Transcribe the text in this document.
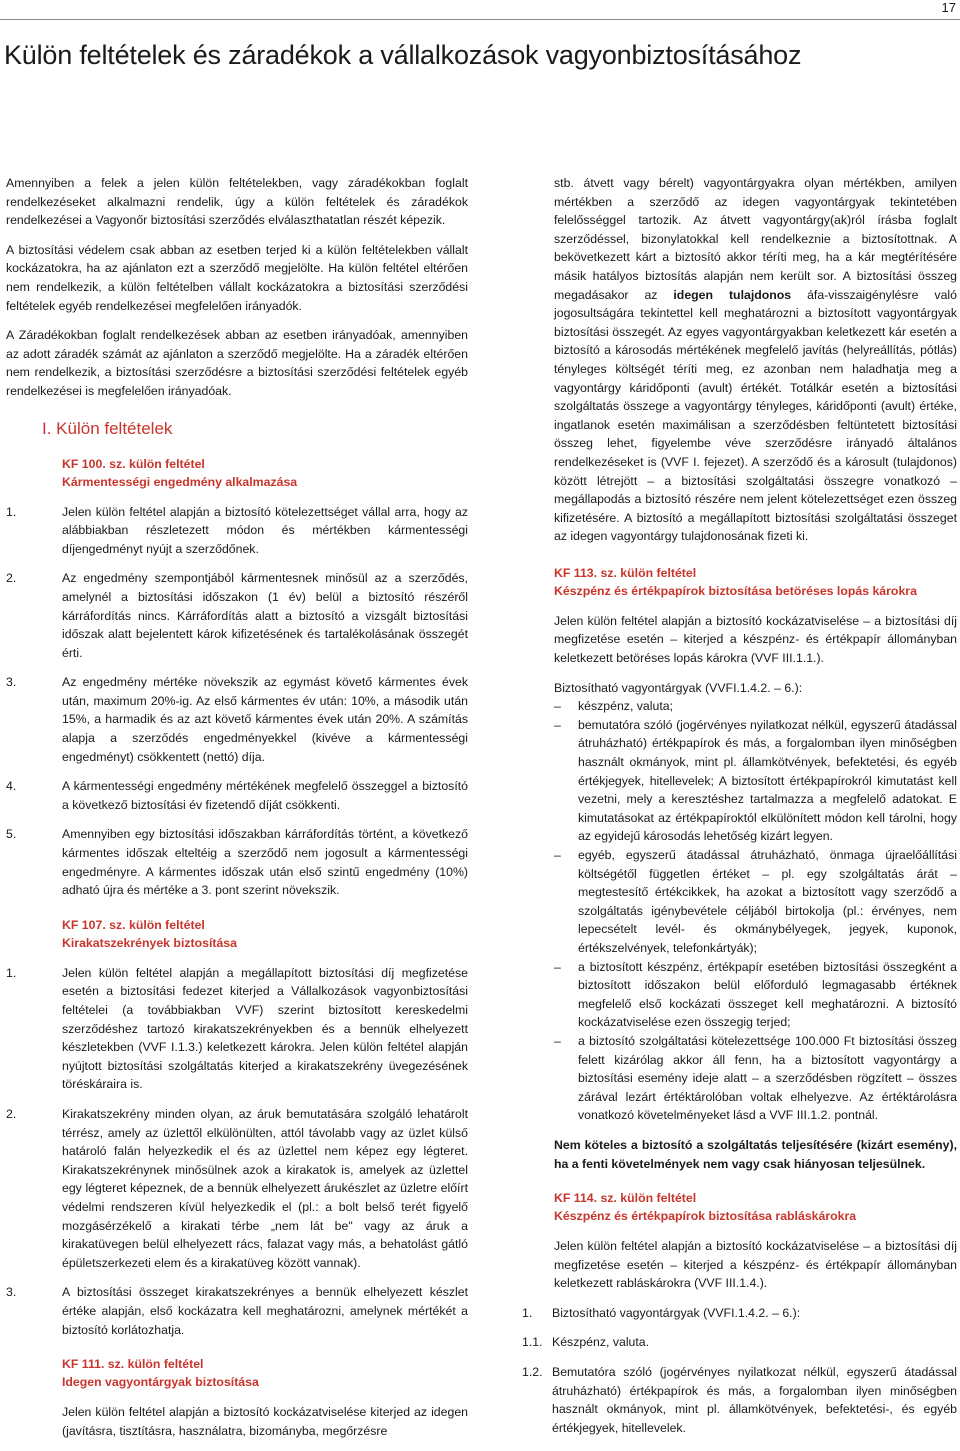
17
Külön feltételek és záradékok a vállalkozások vagyonbiztosításához

Amennyiben a felek a jelen külön feltételekben, vagy záradékokban foglalt rendelkezéseket alkalmazni rendelik, úgy a külön feltételek és záradékok rendelkezései a Vagyonőr biztosítási szerződés elválaszthatatlan részét képezik.

A biztosítási védelem csak abban az esetben terjed ki a külön feltételekben vállalt kockázatokra, ha az ajánlaton ezt a szerződő megjelölte. Ha külön feltétel eltérően nem rendelkezik, a külön feltételben vállalt kockázatokra a biztosítási szerződési feltételek egyéb rendelkezései megfelelően irányadók.

A Záradékokban foglalt rendelkezések abban az esetben irányadóak, amennyiben az adott záradék számát az ajánlaton a szerződő megjelölte. Ha a záradék eltérően nem rendelkezik, a biztosítási szerződésre a biztosítási szerződési feltételek egyéb rendelkezései is megfelelően irányadóak.

I. Külön feltételek
KF 100. sz. külön feltétel
Kármentességi engedmény alkalmazása
1.	Jelen külön feltétel alapján a biztosító kötelezettséget vállal arra, hogy az alábbiakban részletezett módon és mértékben kármentességi díjengedményt nyújt a szerződőnek.
2.	Az engedmény szempontjából kármentesnek minősül az a szerződés, amelynél a biztosítási időszakon (1 év) belül a biztosító részéről kárráfordítás nincs. Kárráfordítás alatt a biztosító a vizsgált biztosítási időszak alatt bejelentett károk kifizetésének és tartalékolásának összegét érti.
3.	Az engedmény mértéke növekszik az egymást követő kármentes évek után, maximum 20%-ig. Az első kármentes év után: 10%, a második után 15%, a harmadik és az azt követő kármentes évek után 20%. A számítás alapja a szerződés engedményekkel (kivéve a kármentességi engedményt) csökkentett (nettó) díja.
4.	A kármentességi engedmény mértékének megfelelő összeggel a biztosító a következő biztosítási év fizetendő díját csökkenti.
5.	Amennyiben egy biztosítási időszakban kárráfordítás történt, a következő kármentes időszak elteltéig a szerződő nem jogosult a kármentességi engedményre. A kármentes időszak után első szintű engedmény (10%) adható újra és mértéke a 3. pont szerint növekszik.
KF 107. sz. külön feltétel
Kirakatszekrények biztosítása
1.	Jelen külön feltétel alapján a megállapított biztosítási díj megfizetése esetén a biztosítási fedezet kiterjed a Vállalkozások vagyonbiztosítási feltételei (a továbbiakban VVF) szerint biztosított kereskedelmi szerződéshez tartozó kirakatszekrényekben és a bennük elhelyezett készletekben (VVF I.1.3.) keletkezett károkra. Jelen külön feltétel alapján nyújtott biztosítási szolgáltatás kiterjed a kirakatszekrény üvegezésének töréskáraira is.
2.	Kirakatszekrény minden olyan, az áruk bemutatására szolgáló lehatárolt térrész, amely az üzlettől elkülönülten, attól távolabb vagy az üzlet külső határoló falán helyezkedik el és az üzlettel nem képez egy légteret. Kirakatszekrénynek minősülnek azok a kirakatok is, amelyek az üzlettel egy légteret képeznek, de a bennük elhelyezett árukészlet az üzletre előírt védelmi rendszeren kívül helyezkedik el (pl.: a bolt belső terét figyelő mozgásérzékelő a kirakati térbe „nem lát be" vagy az áruk a kirakatüvegen belül elhelyezett rács, falazat vagy más, a behatolást gátló épületszerkezeti elem és a kirakatüveg között vannak).
3.	A biztosítási összeget kirakatszekrényes a bennük elhelyezett készlet értéke alapján, első kockázatra kell meghatározni, amelynek mértékét a biztosító korlátozhatja.
KF 111. sz. külön feltétel
Idegen vagyontárgyak biztosítása

Jelen külön feltétel alapján a biztosító kockázatviselése kiterjed az idegen (javításra, tisztításra, használatra, bizományba, megőrzésre

stb. átvett vagy bérelt) vagyontárgyakra olyan mértékben, amilyen mértékben a szerződő az idegen vagyontárgyak tekintetében felelősséggel tartozik. Az átvett vagyontárgy(ak)ról írásba foglalt szerződéssel, bizonylatokkal kell rendelkeznie a biztosítottnak. A bekövetkezett kárt a biztosító akkor téríti meg, ha a kár megtérítésére másik hatályos biztosítás alapján nem került sor. A biztosítási összeg megadásakor az idegen tulajdonos áfa-visszaigénylésre való jogosultságára tekintettel kell meghatározni a biztosított vagyontárgyak biztosítási összegét. Az egyes vagyontárgyakban keletkezett kár esetén a biztosító a károsodás mértékének megfelelő javítás (helyreállítás, pótlás) tényleges költségét téríti meg, ez azonban nem haladhatja meg a vagyontárgy káridőponti (avult) értékét. Totálkár esetén a biztosítási szolgáltatás összege a vagyontárgy tényleges, káridőponti (avult) értéke, ingatlanok esetén maximálisan a szerződésben feltüntetett biztosítási összeg lehet, figyelembe véve szerződésre irányadó általános rendelkezéseket is (VVF I. fejezet). A szerződő és a károsult (tulajdonos) között létrejött – a biztosítási szolgáltatási összegre vonatkozó – megállapodás a biztosító részére nem jelent kötelezettséget ezen összeg kifizetésére. A biztosító a megállapított biztosítási szolgáltatási összeget az idegen vagyontárgy tulajdonosának fizeti ki.

KF 113. sz. külön feltétel
Készpénz és értékpapírok biztosítása betöréses lopás károkra

Jelen külön feltétel alapján a biztosító kockázatviselése – a biztosítási díj megfizetése esetén – kiterjed a készpénz- és értékpapír állományban keletkezett betöréses lopás károkra (VVF III.1.1.).

Biztosítható vagyontárgyak (VVFI.1.4.2. – 6.):
–	készpénz, valuta;
–	bemutatóra szóló (jogérvényes nyilatkozat nélkül, egyszerű átadással átruházható) értékpapírok és más, a forgalomban ilyen minőségben használt okmányok, mint pl. államkötvények, befektetési, és egyéb értékjegyek, hitellevelek; A biztosított értékpapírokról kimutatást kell vezetni, mely a keresztéshez tartalmazza a megfelelő adatokat. E kimutatásokat az értékpapíroktól elkülönített módon kell tárolni, hogy az egyidejű károsodás lehetőség kizárt legyen.
–	egyéb, egyszerű átadással átruházható, önmaga újraelőállítási költségétől független értéket – pl. egy szolgáltatás árát – megtestesítő értékcikkek, ha azokat a biztosított vagy szerződő a szolgáltatás igénybevétele céljából birtokolja (pl.: érvényes, nem lepecsételt levél- és okmánybélyegek, jegyek, kuponok, értékszelvények, telefonkártyák);
–	a biztosított készpénz, értékpapír esetében biztosítási összegként a biztosított időszakon belül előforduló legmagasabb értéknek megfelelő első kockázati összeget kell meghatározni. A biztosító kockázatviselése ezen összegig terjed;
–	a biztosító szolgáltatási kötelezettsége 100.000 Ft biztosítási összeg felett kizárólag akkor áll fenn, ha a biztosított vagyontárgy a biztosítási esemény ideje alatt – a szerződésben rögzített – összes zárával lezárt értéktárolóban voltak elhelyezve. Az értéktárolásra vonatkozó követelményeket lásd a VVF III.1.2. pontnál.

Nem köteles a biztosító a szolgáltatás teljesítésére (kizárt esemény), ha a fenti követelmények nem vagy csak hiányosan teljesülnek.

KF 114. sz. külön feltétel
Készpénz és értékpapírok biztosítása rabláskárokra

Jelen külön feltétel alapján a biztosító kockázatviselése – a biztosítási díj megfizetése esetén – kiterjed a készpénz- és értékpapír állományban keletkezett rabláskárokra (VVF III.1.4.).

1.	Biztosítható vagyontárgyak (VVFI.1.4.2. – 6.):
1.1. Készpénz, valuta.
1.2. Bemutatóra szóló (jogérvényes nyilatkozat nélkül, egyszerű átadással átruházható) értékpapírok és más, a forgalomban ilyen minőségben használt okmányok, mint pl. államkötvények, befektetési-, és egyéb értékjegyek, hitellevelek.
